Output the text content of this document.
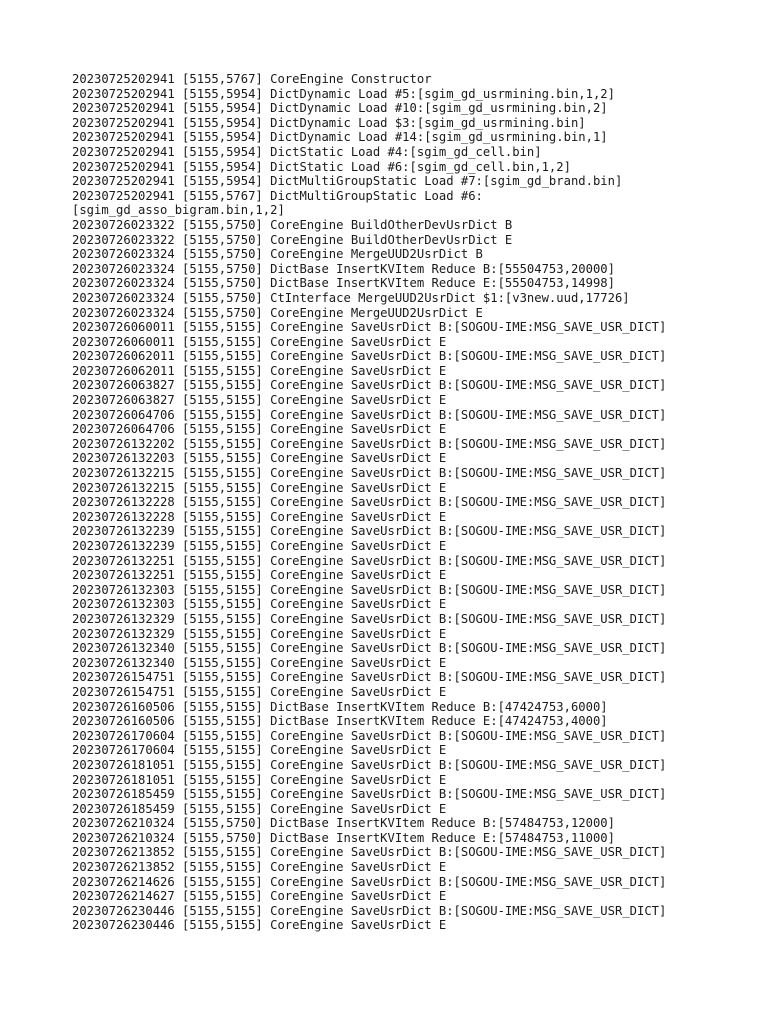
20230725202941 [5155,5767] CoreEngine Constructor
20230725202941 [5155,5954] DictDynamic Load #5:[sgim_gd_usrmining.bin,1,2]
20230725202941 [5155,5954] DictDynamic Load #10:[sgim_gd_usrmining.bin,2]
20230725202941 [5155,5954] DictDynamic Load $3:[sgim_gd_usrmining.bin]
20230725202941 [5155,5954] DictDynamic Load #14:[sgim_gd_usrmining.bin,1]
20230725202941 [5155,5954] DictStatic Load #4:[sgim_gd_cell.bin]
20230725202941 [5155,5954] DictStatic Load #6:[sgim_gd_cell.bin,1,2]
20230725202941 [5155,5954] DictMultiGroupStatic Load #7:[sgim_gd_brand.bin]
20230725202941 [5155,5767] DictMultiGroupStatic Load #6:
[sgim_gd_asso_bigram.bin,1,2]
20230726023322 [5155,5750] CoreEngine BuildOtherDevUsrDict B
20230726023322 [5155,5750] CoreEngine BuildOtherDevUsrDict E
20230726023324 [5155,5750] CoreEngine MergeUUD2UsrDict B
20230726023324 [5155,5750] DictBase InsertKVItem Reduce B:[55504753,20000]
20230726023324 [5155,5750] DictBase InsertKVItem Reduce E:[55504753,14998]
20230726023324 [5155,5750] CtInterface MergeUUD2UsrDict $1:[v3new.uud,17726]
20230726023324 [5155,5750] CoreEngine MergeUUD2UsrDict E
20230726060011 [5155,5155] CoreEngine SaveUsrDict B:[SOGOU-IME:MSG_SAVE_USR_DICT]
20230726060011 [5155,5155] CoreEngine SaveUsrDict E
20230726062011 [5155,5155] CoreEngine SaveUsrDict B:[SOGOU-IME:MSG_SAVE_USR_DICT]
20230726062011 [5155,5155] CoreEngine SaveUsrDict E
20230726063827 [5155,5155] CoreEngine SaveUsrDict B:[SOGOU-IME:MSG_SAVE_USR_DICT]
20230726063827 [5155,5155] CoreEngine SaveUsrDict E
20230726064706 [5155,5155] CoreEngine SaveUsrDict B:[SOGOU-IME:MSG_SAVE_USR_DICT]
20230726064706 [5155,5155] CoreEngine SaveUsrDict E
20230726132202 [5155,5155] CoreEngine SaveUsrDict B:[SOGOU-IME:MSG_SAVE_USR_DICT]
20230726132203 [5155,5155] CoreEngine SaveUsrDict E
20230726132215 [5155,5155] CoreEngine SaveUsrDict B:[SOGOU-IME:MSG_SAVE_USR_DICT]
20230726132215 [5155,5155] CoreEngine SaveUsrDict E
20230726132228 [5155,5155] CoreEngine SaveUsrDict B:[SOGOU-IME:MSG_SAVE_USR_DICT]
20230726132228 [5155,5155] CoreEngine SaveUsrDict E
20230726132239 [5155,5155] CoreEngine SaveUsrDict B:[SOGOU-IME:MSG_SAVE_USR_DICT]
20230726132239 [5155,5155] CoreEngine SaveUsrDict E
20230726132251 [5155,5155] CoreEngine SaveUsrDict B:[SOGOU-IME:MSG_SAVE_USR_DICT]
20230726132251 [5155,5155] CoreEngine SaveUsrDict E
20230726132303 [5155,5155] CoreEngine SaveUsrDict B:[SOGOU-IME:MSG_SAVE_USR_DICT]
20230726132303 [5155,5155] CoreEngine SaveUsrDict E
20230726132329 [5155,5155] CoreEngine SaveUsrDict B:[SOGOU-IME:MSG_SAVE_USR_DICT]
20230726132329 [5155,5155] CoreEngine SaveUsrDict E
20230726132340 [5155,5155] CoreEngine SaveUsrDict B:[SOGOU-IME:MSG_SAVE_USR_DICT]
20230726132340 [5155,5155] CoreEngine SaveUsrDict E
20230726154751 [5155,5155] CoreEngine SaveUsrDict B:[SOGOU-IME:MSG_SAVE_USR_DICT]
20230726154751 [5155,5155] CoreEngine SaveUsrDict E
20230726160506 [5155,5155] DictBase InsertKVItem Reduce B:[47424753,6000]
20230726160506 [5155,5155] DictBase InsertKVItem Reduce E:[47424753,4000]
20230726170604 [5155,5155] CoreEngine SaveUsrDict B:[SOGOU-IME:MSG_SAVE_USR_DICT]
20230726170604 [5155,5155] CoreEngine SaveUsrDict E
20230726181051 [5155,5155] CoreEngine SaveUsrDict B:[SOGOU-IME:MSG_SAVE_USR_DICT]
20230726181051 [5155,5155] CoreEngine SaveUsrDict E
20230726185459 [5155,5155] CoreEngine SaveUsrDict B:[SOGOU-IME:MSG_SAVE_USR_DICT]
20230726185459 [5155,5155] CoreEngine SaveUsrDict E
20230726210324 [5155,5750] DictBase InsertKVItem Reduce B:[57484753,12000]
20230726210324 [5155,5750] DictBase InsertKVItem Reduce E:[57484753,11000]
20230726213852 [5155,5155] CoreEngine SaveUsrDict B:[SOGOU-IME:MSG_SAVE_USR_DICT]
20230726213852 [5155,5155] CoreEngine SaveUsrDict E
20230726214626 [5155,5155] CoreEngine SaveUsrDict B:[SOGOU-IME:MSG_SAVE_USR_DICT]
20230726214627 [5155,5155] CoreEngine SaveUsrDict E
20230726230446 [5155,5155] CoreEngine SaveUsrDict B:[SOGOU-IME:MSG_SAVE_USR_DICT]
20230726230446 [5155,5155] CoreEngine SaveUsrDict E
